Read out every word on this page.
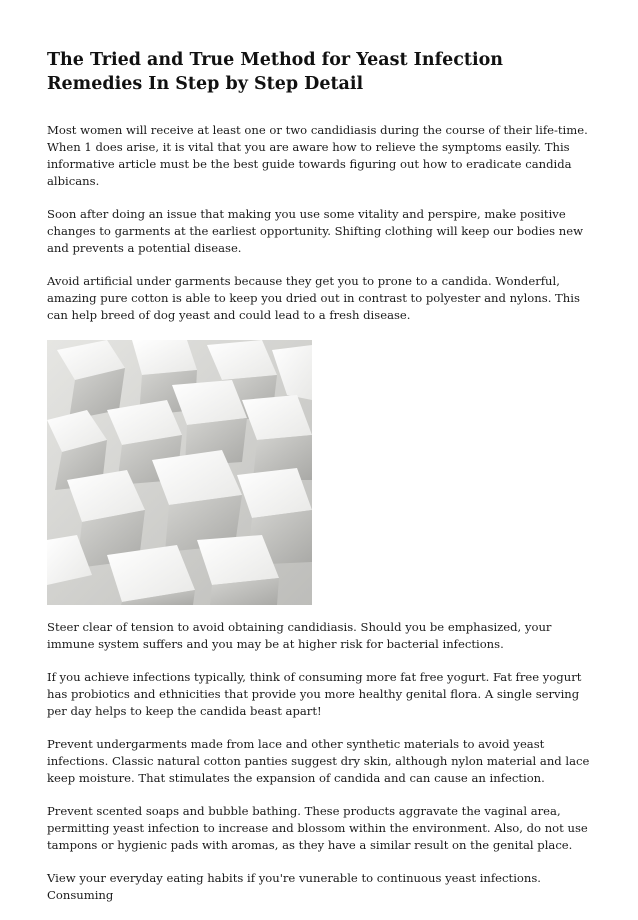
The Tried and True Method for Yeast Infection Remedies In Step by Step Detail

Most women will receive at least one or two candidiasis during the course of their life-time. When 1 does arise, it is vital that you are aware how to relieve the symptoms easily. This informative article must be the best guide towards figuring out how to eradicate candida albicans.

Soon after doing an issue that making you use some vitality and perspire, make positive changes to garments at the earliest opportunity. Shifting clothing will keep our bodies new and prevents a potential disease.

Avoid artificial under garments because they get you to prone to a candida. Wonderful, amazing pure cotton is able to keep you dried out in contrast to polyester and nylons. This can help breed of dog yeast and could lead to a fresh disease.

Steer clear of tension to avoid obtaining candidiasis. Should you be emphasized, your immune system suffers and you may be at higher risk for bacterial infections.

If you achieve infections typically, think of consuming more fat free yogurt. Fat free yogurt has probiotics and ethnicities that provide you more healthy genital flora. A single serving per day helps to keep the candida beast apart!

Prevent undergarments made from lace and other synthetic materials to avoid yeast infections. Classic natural cotton panties suggest dry skin, although nylon material and lace keep moisture. That stimulates the expansion of candida and can cause an infection.

Prevent scented soaps and bubble bathing. These products aggravate the vaginal area, permitting yeast infection to increase and blossom within the environment. Also, do not use tampons or hygienic pads with aromas, as they have a similar result on the genital place.

View your everyday eating habits if you're vunerable to continuous yeast infections. Consuming
